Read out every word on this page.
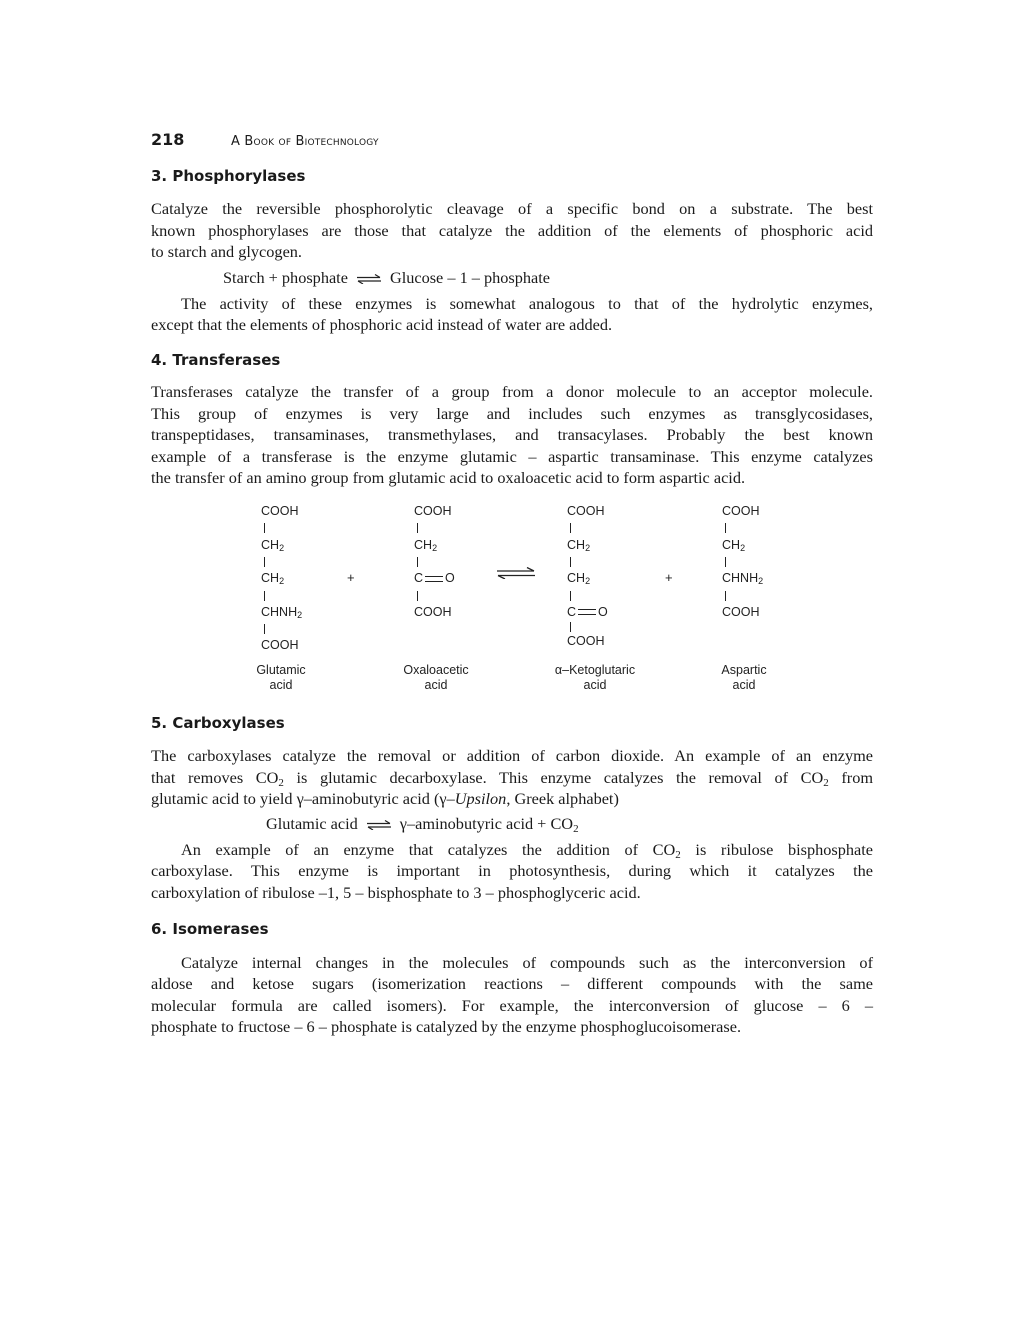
218	A Book of Biotechnology
3. Phosphorylases

Catalyze the reversible phosphorolytic cleavage of a specific bond on a substrate. The best

known phosphorylases are those that catalyze the addition of the elements of phosphoric acid

to starch and glycogen.

Starch + phosphate ⇌ Glucose – 1 – phosphate

The activity of these enzymes is somewhat analogous to that of the hydrolytic enzymes,

except that the elements of phosphoric acid instead of water are added.

4. Transferases

Transferases catalyze the transfer of a group from a donor molecule to an acceptor molecule.

This group of enzymes is very large and includes such enzymes as transglycosidases,

transpeptidases, transaminases, transmethylases, and transacylases. Probably the best known

example of a transferase is the enzyme glutamic – aspartic transaminase. This enzyme catalyzes

the transfer of an amino group from glutamic acid to oxaloacetic acid to form aspartic acid.

COOH
$CH_2$
$CH_2$
$CHNH_2$
COOH
Glutamic
acid
+
COOH
$CH_2$
C O
COOH
Oxaloacetic
acid
COOH
$CH_2$
$CH_2$
C O
COOH
α–Ketoglutaric
acid
+
COOH
$CH_2$
$CHNH_2$
COOH
Aspartic
acid
5. Carboxylases

The carboxylases catalyze the removal or addition of carbon dioxide. An example of an enzyme

that removes $CO_2$ is glutamic decarboxylase. This enzyme catalyzes the removal of $CO_2$ from

glutamic acid to yield γ–aminobutyric acid (γ–Upsilon, Greek alphabet)

Glutamic acid ⇌ γ–aminobutyric acid + $CO_2$

An example of an enzyme that catalyzes the addition of $CO_2$ is ribulose bisphosphate

carboxylase. This enzyme is important in photosynthesis, during which it catalyzes the

carboxylation of ribulose –1, 5 – bisphosphate to 3 – phosphoglyceric acid.

6. Isomerases

Catalyze internal changes in the molecules of compounds such as the interconversion of

aldose and ketose sugars (isomerization reactions – different compounds with the same

molecular formula are called isomers). For example, the interconversion of glucose – 6 –

phosphate to fructose – 6 – phosphate is catalyzed by the enzyme phosphoglucoisomerase.
